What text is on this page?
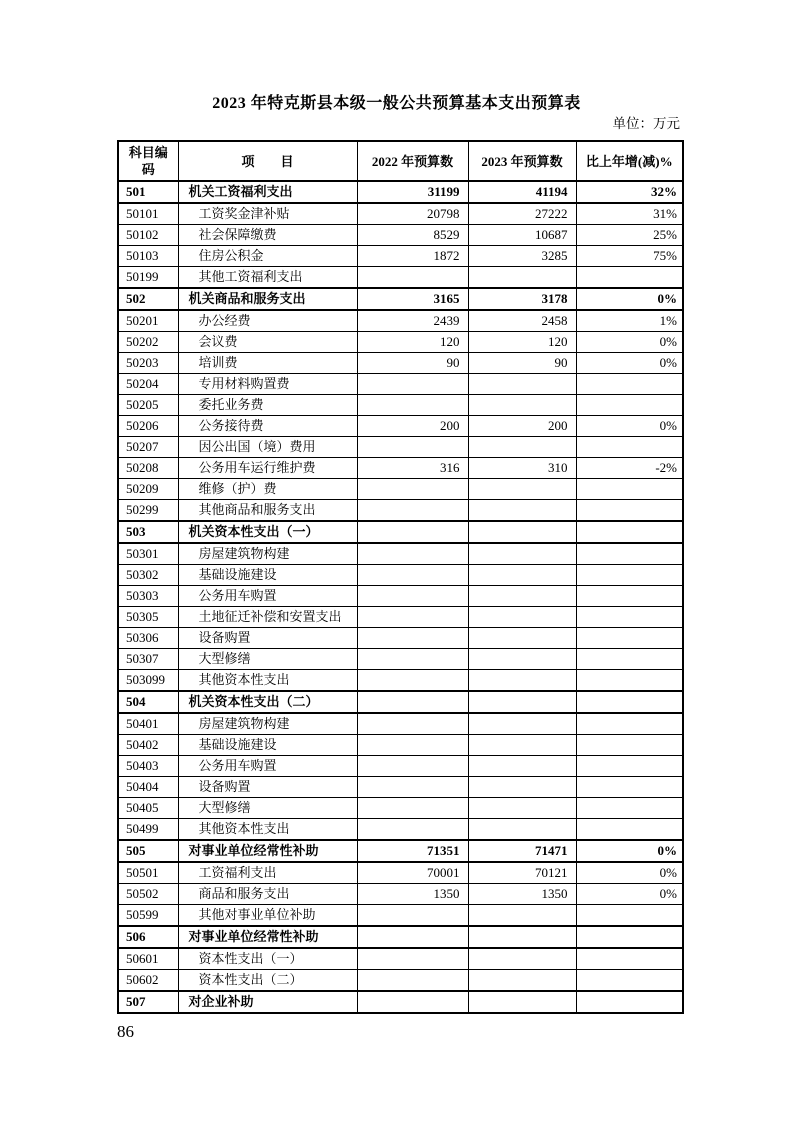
2023 年特克斯县本级一般公共预算基本支出预算表
单位：万元
科目编码	项　　目	2022 年预算数	2023 年预算数	比上年增(减)%
501	机关工资福利支出	31199	41194	32%
50101	工资奖金津补贴	20798	27222	31%
50102	社会保障缴费	8529	10687	25%
50103	住房公积金	1872	3285	75%
50199	其他工资福利支出			
502	机关商品和服务支出	3165	3178	0%
50201	办公经费	2439	2458	1%
50202	会议费	120	120	0%
50203	培训费	90	90	0%
50204	专用材料购置费			
50205	委托业务费			
50206	公务接待费	200	200	0%
50207	因公出国（境）费用			
50208	公务用车运行维护费	316	310	-2%
50209	维修（护）费			
50299	其他商品和服务支出			
503	机关资本性支出（一）			
50301	房屋建筑物构建			
50302	基础设施建设			
50303	公务用车购置			
50305	土地征迁补偿和安置支出			
50306	设备购置			
50307	大型修缮			
503099	其他资本性支出			
504	机关资本性支出（二）			
50401	房屋建筑物构建			
50402	基础设施建设			
50403	公务用车购置			
50404	设备购置			
50405	大型修缮			
50499	其他资本性支出			
505	对事业单位经常性补助	71351	71471	0%
50501	工资福利支出	70001	70121	0%
50502	商品和服务支出	1350	1350	0%
50599	其他对事业单位补助			
506	对事业单位经常性补助			
50601	资本性支出（一）			
50602	资本性支出（二）			
507	对企业补助			
86
